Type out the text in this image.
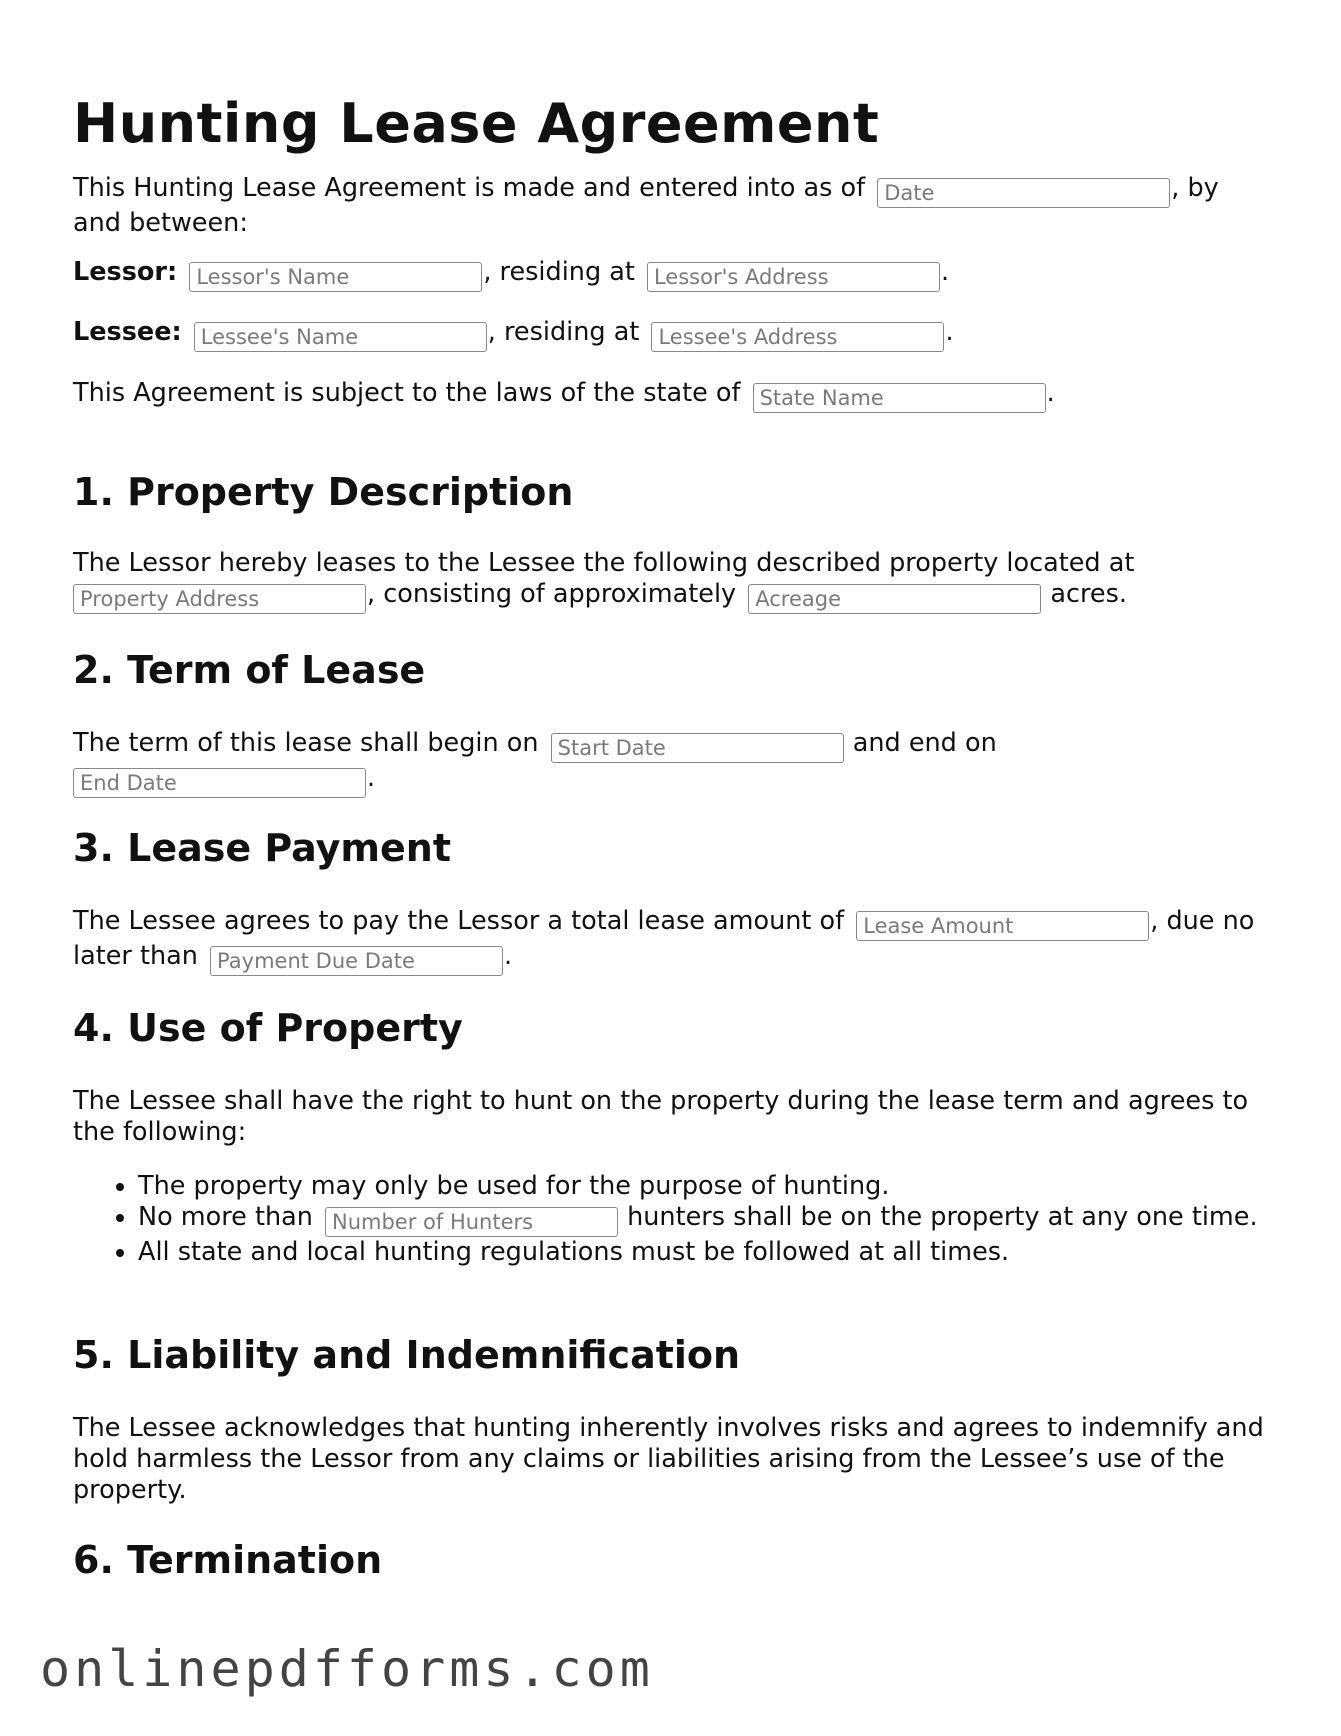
Hunting Lease Agreement

This Hunting Lease Agreement is made and entered into as of Date	, by and between:

Lessor: Lessor's Name	, residing at Lessor's Address	.

Lessee: Lessee's Name	, residing at Lessee's Address	.

This Agreement is subject to the laws of the state of State Name	.

1. Property Description

The Lessor hereby leases to the Lessee the following described property located at Property Address, consisting of approximately Acreage	acres.

2. Term of Lease

The term of this lease shall begin on Start Date	and end on
End Date.

3. Lease Payment

The Lessee agrees to pay the Lessor a total lease amount of Lease Amount	, due no later than Payment Due Date	.

4. Use of Property

The Lessee shall have the right to hunt on the property during the lease term and agrees to the following:

• The property may only be used for the purpose of hunting.
• No more than Number of Hunters	hunters shall be on the property at any one time.
• All state and local hunting regulations must be followed at all times.
5. Liability and Indemnification

The Lessee acknowledges that hunting inherently involves risks and agrees to indemnify and hold harmless the Lessor from any claims or liabilities arising from the Lessee’s use of the property.

6. Termination
onlinepdfforms.com
